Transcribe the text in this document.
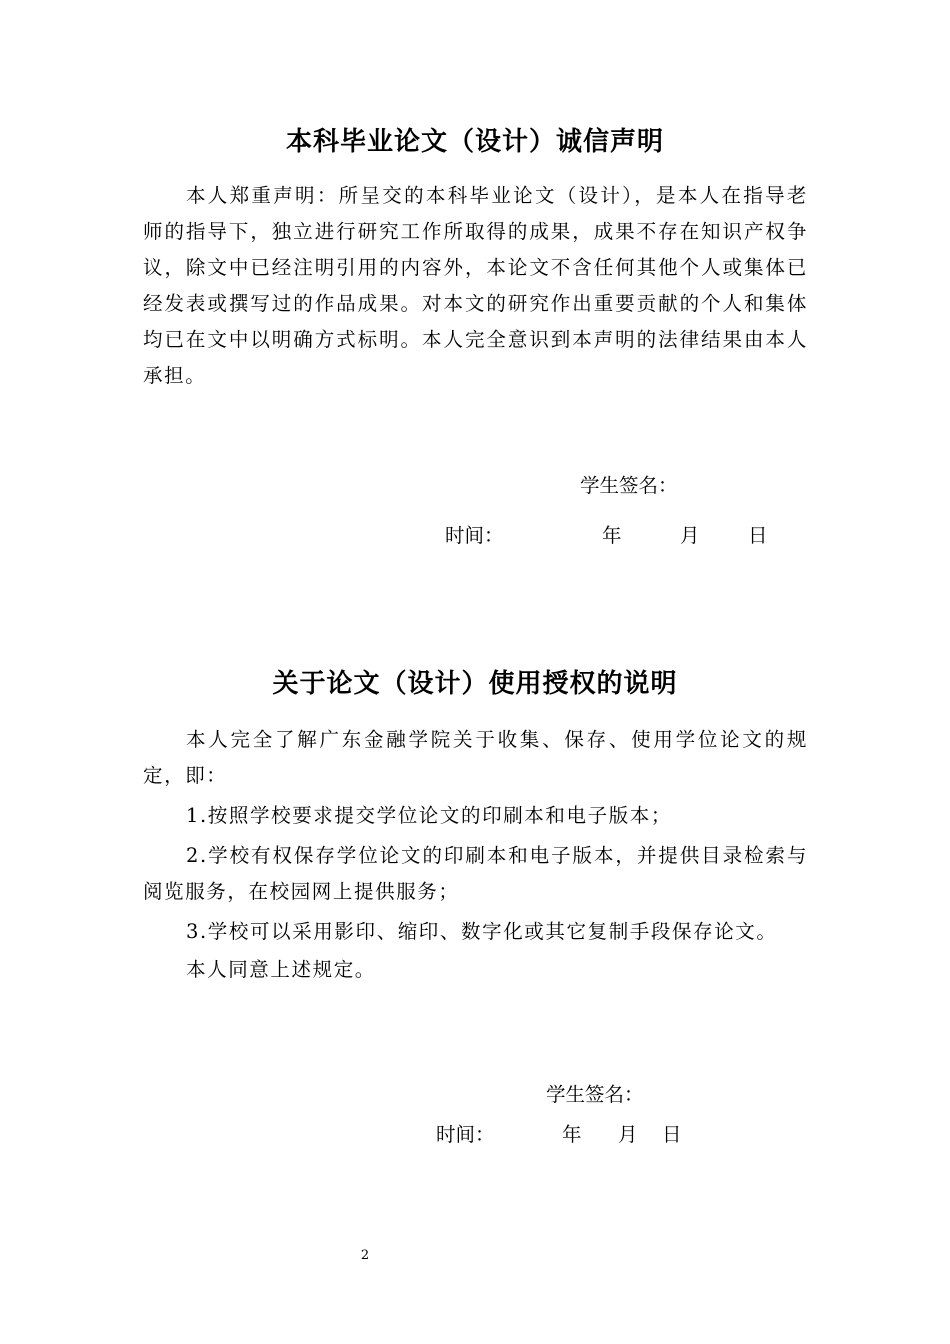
本科毕业论文（设计）诚信声明
本人郑重声明：所呈交的本科毕业论文（设计），是本人在指导老师的指导下，独立进行研究工作所取得的成果，成果不存在知识产权争议，除文中已经注明引用的内容外，本论文不含任何其他个人或集体已经发表或撰写过的作品成果。对本文的研究作出重要贡献的个人和集体均已在文中以明确方式标明。本人完全意识到本声明的法律结果由本人承担。
学生签名：
时间：	年	月 日
关于论文（设计）使用授权的说明
本人完全了解广东金融学院关于收集、保存、使用学位论文的规定，即：
1.按照学校要求提交学位论文的印刷本和电子版本；
2.学校有权保存学位论文的印刷本和电子版本，并提供目录检索与阅览服务，在校园网上提供服务；
3.学校可以采用影印、缩印、数字化或其它复制手段保存论文。
本人同意上述规定。
学生签名：
时间：	年 月 日
2
